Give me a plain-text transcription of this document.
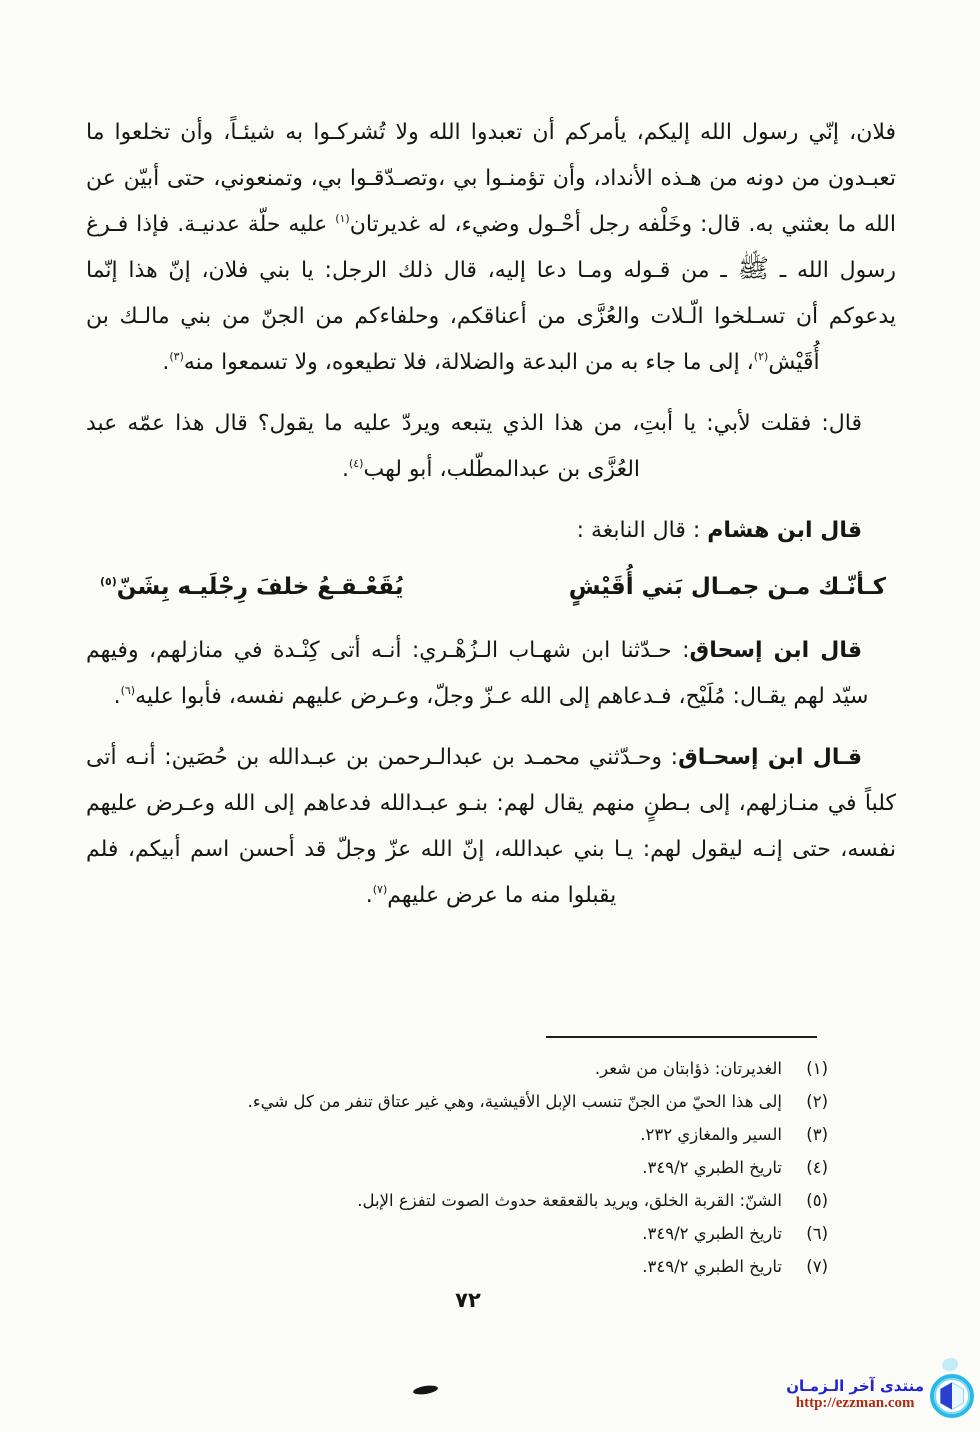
فلان، إنّي رسول الله إليكم، يأمركم أن تعبدوا الله ولا تُشركـوا به شيئـاً، وأن تخلعوا ما تعبـدون من دونه من هـذه الأنداد، وأن تؤمنـوا بي ،وتصـدّقـوا بي، وتمنعوني، حتى أبيّن عن الله ما بعثني به. قال: وخَلْفه رجل أحْـول وضيء، له غديرتان$^{(١)}$ عليه حلّة عدنيـة. فإذا فـرغ رسول الله ـ ﷺ ـ من قـوله ومـا دعا إليه، قال ذلك الرجل: يا بني فلان، إنّ هذا إنّما يدعوكم أن تسـلخوا الّـلات والعُزَّى من أعناقكم، وحلفاءكم من الجنّ من بني مالـك بن أُقَيْش$^{(٢)}$، إلى ما جاء به من البدعة والضلالة، فلا تطيعوه، ولا تسمعوا منه$^{(٣)}$.

قال: فقلت لأبي: يا أبتِ، من هذا الذي يتبعه ويردّ عليه ما يقول؟ قال هذا عمّه عبد العُزَّى بن عبدالمطّلب، أبو لهب$^{(٤)}$.

قال ابن هشام : قال النابغة :
كـأنّـك مـن جمـال بَني أُقَيْشٍ
يُقَعْـقـعُ خلفَ رِجْلَيـه بِشَنّ$^{(٥)}$

قال ابن إسحاق: حـدّثنا ابن شهـاب الـزُهْـري: أنـه أتى كِنْـدة في منازلهم، وفيهم سيّد لهم يقـال: مُلَيْح، فـدعاهم إلى الله عـزّ وجلّ، وعـرض عليهم نفسه، فأبوا عليه$^{(٦)}$.

قـال ابن إسحـاق: وحـدّثني محمـد بن عبدالـرحمن بن عبـدالله بن حُصَين: أنـه أتى كلباً في منـازلهم، إلى بـطنٍ منهم يقال لهم: بنـو عبـدالله فدعاهم إلى الله وعـرض عليهم نفسه، حتى إنـه ليقول لهم: يـا بني عبدالله، إنّ الله عزّ وجلّ قد أحسن اسم أبيكم، فلم يقبلوا منه ما عرض عليهم$^{(٧)}$.

(١)
الغديرتان: ذؤابتان من شعر.
(٢)
إلى هذا الحيّ من الجنّ تنسب الإبل الأقيشية، وهي غير عتاق تنفر من كل شيء.
(٣)
السير والمغازي ٢٣٢.
(٤)
تاريخ الطبري ٣٤٩/٢.
(٥)
الشنّ: القربة الخلق، ويريد بالقعقعة حدوث الصوت لتفزع الإبل.
(٦)
تاريخ الطبري ٣٤٩/٢.
(٧)
تاريخ الطبري ٣٤٩/٢.
٧٢
منتدى آخر الـزمـان
http://ezzman.com
